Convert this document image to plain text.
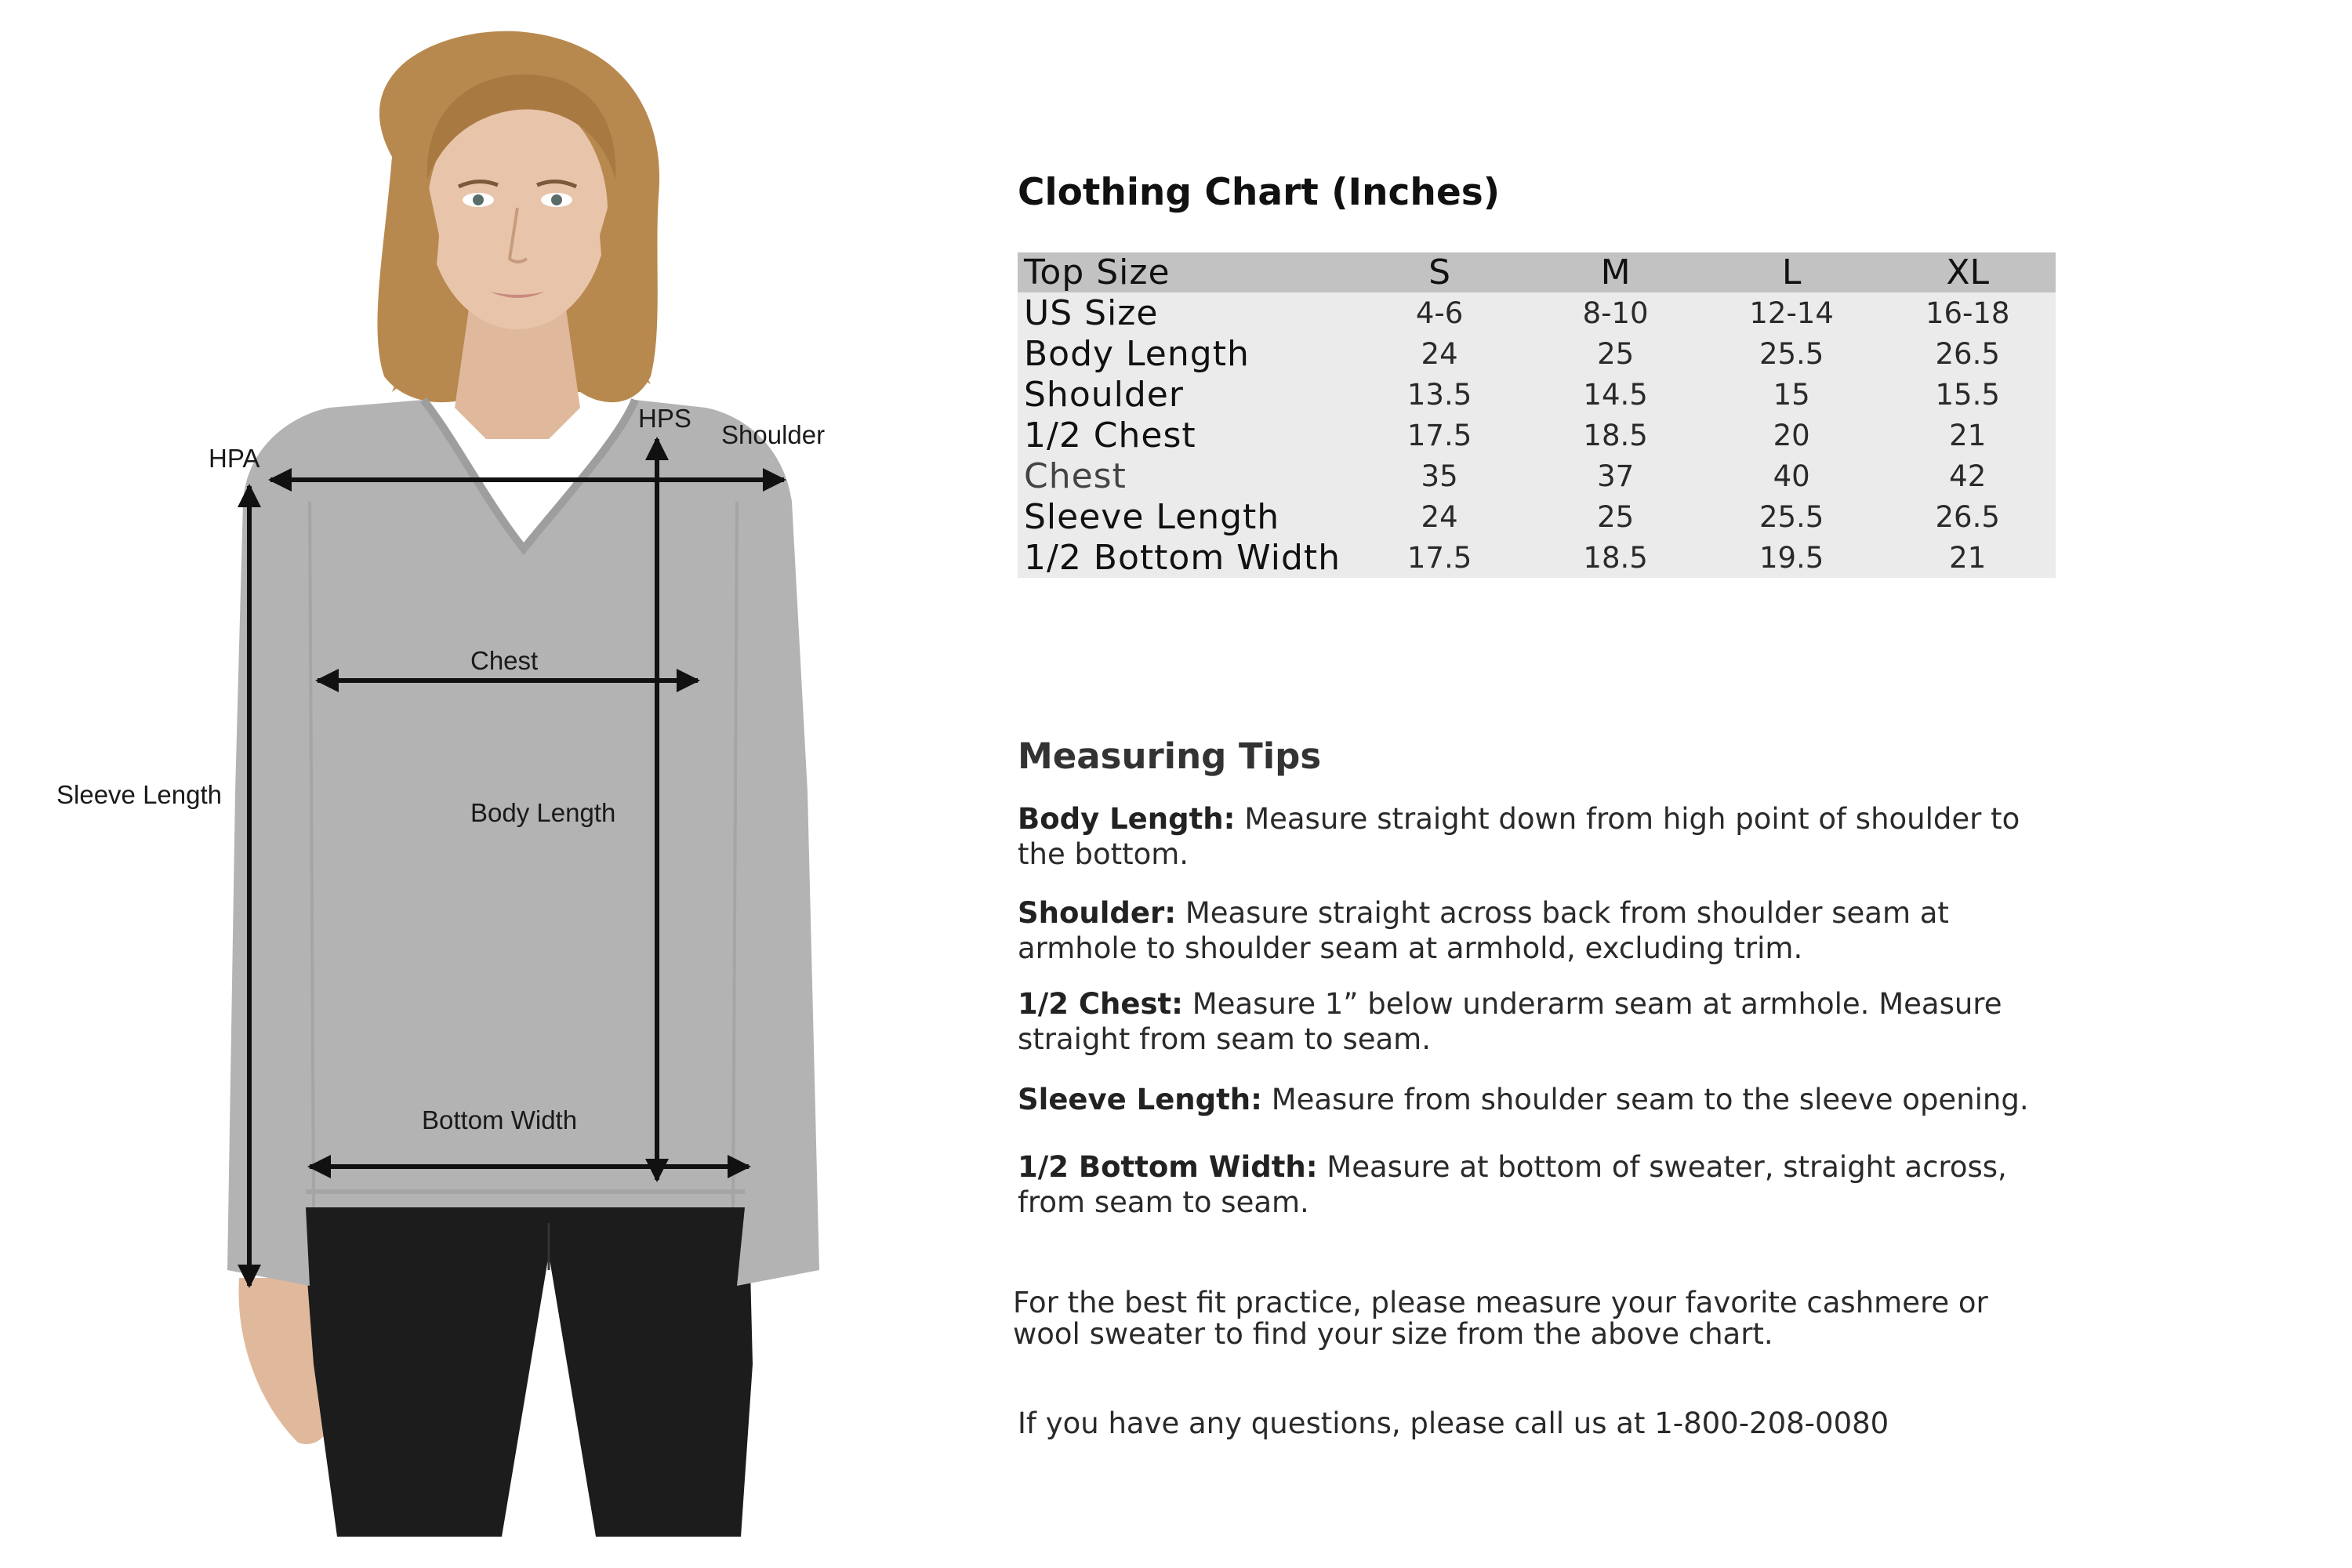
HPA
HPS
Shoulder
Chest
Sleeve Length
Body Length
Bottom Width
Clothing Chart (Inches)
Top Size	S	M	L	XL
US Size	4-6	8-10	12-14	16-18
Body Length	24	25	25.5	26.5
Shoulder	13.5	14.5	15	15.5
1/2 Chest	17.5	18.5	20	21
Chest	35	37	40	42
Sleeve Length	24	25	25.5	26.5
1/2 Bottom Width	17.5	18.5	19.5	21
Measuring Tips

Body Length: Measure straight down from high point of shoulder to the bottom.

Shoulder: Measure straight across back from shoulder seam at armhole to shoulder seam at armhold, excluding trim.

1/2 Chest: Measure 1” below underarm seam at armhole. Measure straight from seam to seam.

Sleeve Length: Measure from shoulder seam to the sleeve opening.

1/2 Bottom Width: Measure at bottom of sweater, straight across, from seam to seam.

For the best fit practice, please measure your favorite cashmere or wool sweater to find your size from the above chart.

If you have any questions, please call us at 1-800-208-0080
